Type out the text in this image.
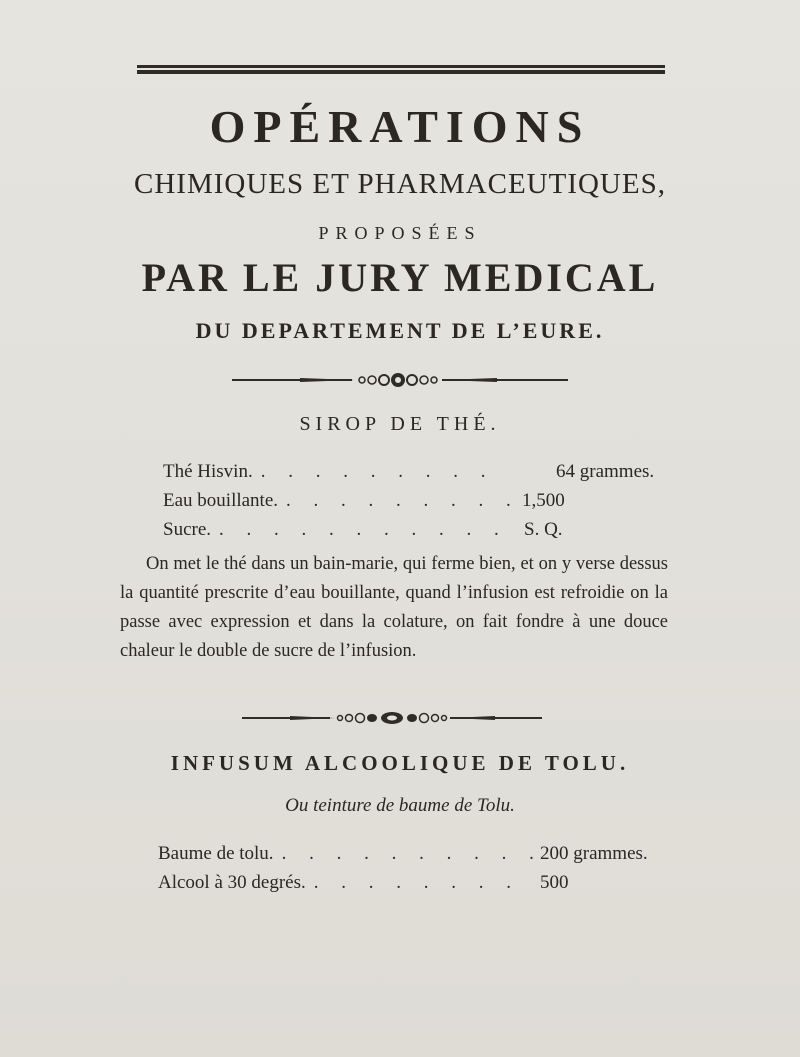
OPÉRATIONS
CHIMIQUES ET PHARMACEUTIQUES,
PROPOSÉES
PAR LE JURY MEDICAL
DU DEPARTEMENT DE L’EURE.
SIROP DE THÉ.
Thé Hisvin. . . . . . . . . .	64 grammes.
Eau bouillante. . . . . . . . . . 1,500
Sucre. . . . . . . . . . . . S. Q.
On met le thé dans un bain-marie, qui ferme bien, et on y verse dessus la quantité prescrite d’eau bouillante, quand l’infusion est refroidie on la passe avec expression et dans la colature, on fait fondre à une douce chaleur le double de sucre de l’infusion.
INFUSUM ALCOOLIQUE DE TOLU.
Ou teinture de baume de Tolu.
Baume de tolu. . . . . . . . . . .
200 grammes.
Alcool à 30 degrés. . . . . . . . . 500
